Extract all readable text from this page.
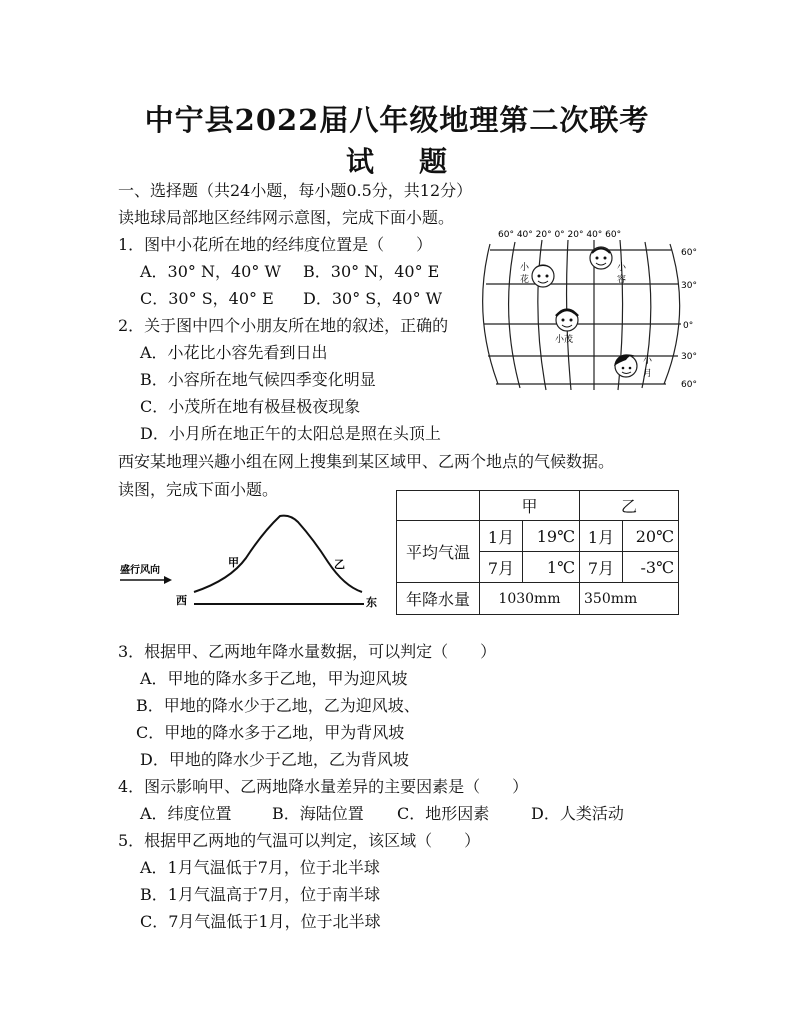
中宁县2022届八年级地理第二次联考
试 题
一、选择题（共24小题，每小题0.5分，共12分）
读地球局部地区经纬网示意图，完成下面小题。
1．图中小花所在地的经纬度位置是（　　）
A．30° N，40° W B．30° N，40° E
C．30° S，40° E D．30° S，40° W
2．关于图中四个小朋友所在地的叙述，正确的
A．小花比小容先看到日出
B．小容所在地气候四季变化明显
C．小茂所在地有极昼极夜现象
D．小月所在地正午的太阳总是照在头顶上
60° 40° 20° 0° 20° 40° 60°
60°
30°
0°
30°
60°
小
花
小
容
小茂
小
月
西安某地理兴趣小组在网上搜集到某区域甲、乙两个地点的气候数据。
读图，完成下面小题。
盛行风向
西	东
甲	乙
	甲		乙	
平均气温	1月	19℃	1月	20℃
	7月	1℃	7月	-3℃
年降水量	1030mm		350mm	
3．根据甲、乙两地年降水量数据，可以判定（　　）
A．甲地的降水多于乙地，甲为迎风坡
B．甲地的降水少于乙地，乙为迎风坡、
C．甲地的降水多于乙地，甲为背风坡
D．甲地的降水少于乙地，乙为背风坡
4．图示影响甲、乙两地降水量差异的主要因素是（　　）
A．纬度位置	B．海陆位置 C．地形因素	D．人类活动
5．根据甲乙两地的气温可以判定，该区域（　　）
A．1月气温低于7月，位于北半球
B．1月气温高于7月，位于南半球
C．7月气温低于1月，位于北半球
